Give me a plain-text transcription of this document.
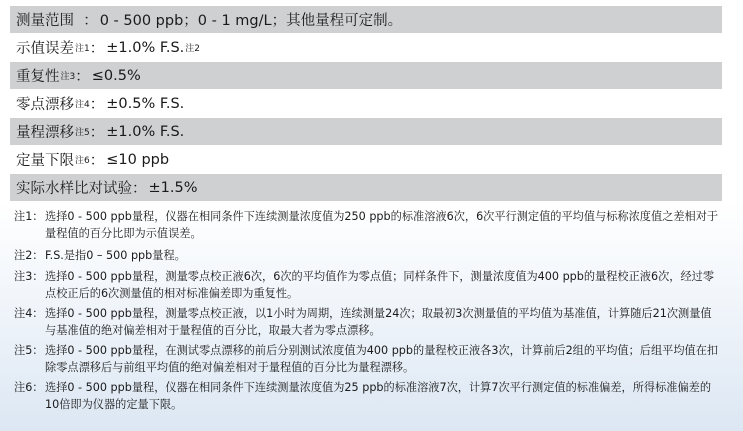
测量范围 ： 0 - 500 ppb；0 - 1 mg/L；其他量程可定制。
示值误差 注1 ： ±1.0% F.S. 注2
重复性 注3 ： ≤0.5%
零点漂移 注4 ： ±0.5% F.S.
量程漂移 注5 ： ±1.0% F.S.
定量下限 注6 ： ≤10 ppb
实际水样比对试验 ： ±1.5%
注1： 选择0 - 500 ppb量程，仪器在相同条件下连续测量浓度值为250 ppb的标准溶液6次，6次平行测定值的平均值与标称浓度值之差相对于量程值的百分比即为示值误差。
注2： F.S.是指0 – 500 ppb量程。
注3： 选择0 - 500 ppb量程，测量零点校正液6次，6次的平均值作为零点值；同样条件下，测量浓度值为400 ppb的量程校正液6次，经过零点校正后的6次测量值的相对标准偏差即为重复性。
注4： 选择0 - 500 ppb量程，测量零点校正液，以1小时为周期，连续测量24次；取最初3次测量值的平均值为基准值，计算随后21次测量值与基准值的绝对偏差相对于量程值的百分比，取最大者为零点漂移。
注5： 选择0 - 500 ppb量程，在测试零点漂移的前后分别测试浓度值为400 ppb的量程校正液各3次，计算前后2组的平均值；后组平均值在扣除零点漂移后与前组平均值的绝对偏差相对于量程值的百分比为量程漂移。
注6： 选择0 - 500 ppb量程，仪器在相同条件下连续测量浓度值为25 ppb的标准溶液7次，计算7次平行测定值的标准偏差，所得标准偏差的10倍即为仪器的定量下限。
